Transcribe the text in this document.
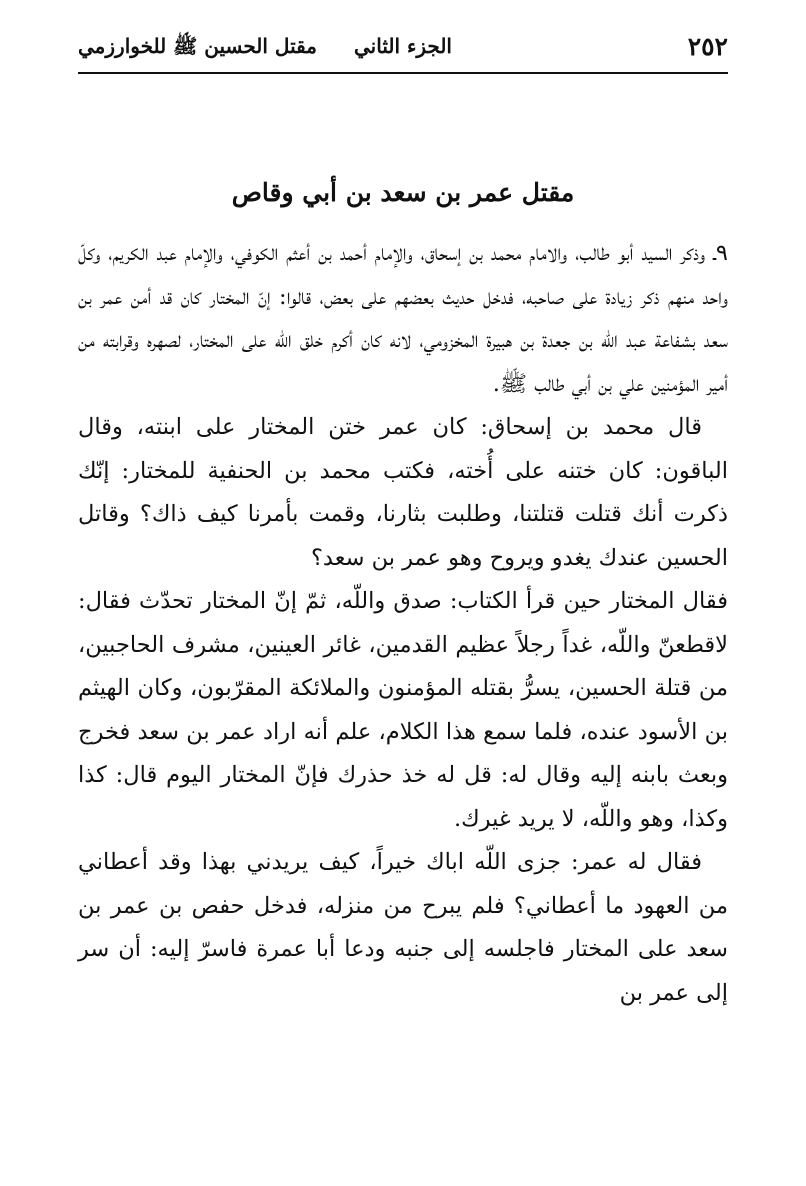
٢٥٢
الجزء الثاني
مقتل الحسين ﷺ للخوارزمي
مقتل عمر بن سعد بن أبي وقاص

٩ـ وذكر السيد أبو طالب، والامام محمد بن إسحاق، والإمام أحمد بن أعثم الكوفي، والإمام عبد الكريم، وكلّ واحد منهم ذكر زيادة على صاحبه، فدخل حديث بعضهم على بعض، قالوا: إنّ المختار كان قد أمن عمر بن سعد بشفاعة عبد اللّه بن جعدة بن هبيرة المخزومي، لانه كان أكرم خلق اللّه على المختار، لصهره وقرابته من أمير المؤمنين علي بن أبي طالب ﷺ.

قال محمد بن إسحاق: كان عمر ختن المختار على ابنته، وقال الباقون: كان ختنه على أُخته، فكتب محمد بن الحنفية للمختار: إنّك ذكرت أنك قتلت قتلتنا، وطلبت بثارنا، وقمت بأمرنا كيف ذاك؟ وقاتل الحسين عندك يغدو ويروح وهو عمر بن سعد؟

فقال المختار حين قرأ الكتاب: صدق واللّه، ثمّ إنّ المختار تحدّث فقال: لاقطعنّ واللّه، غداً رجلاً عظيم القدمين، غائر العينين، مشرف الحاجبين، من قتلة الحسين، يسرُّ بقتله المؤمنون والملائكة المقرّبون، وكان الهيثم بن الأسود عنده، فلما سمع هذا الكلام، علم أنه اراد عمر بن سعد فخرج وبعث بابنه إليه وقال له: قل له خذ حذرك فإنّ المختار اليوم قال: كذا وكذا، وهو واللّه، لا يريد غيرك.

فقال له عمر: جزى اللّه اباك خيراً، كيف يريدني بهذا وقد أعطاني من العهود ما أعطاني؟ فلم يبرح من منزله، فدخل حفص بن عمر بن سعد على المختار فاجلسه إلى جنبه ودعا أبا عمرة فاسرّ إليه: أن سر إلى عمر بن
